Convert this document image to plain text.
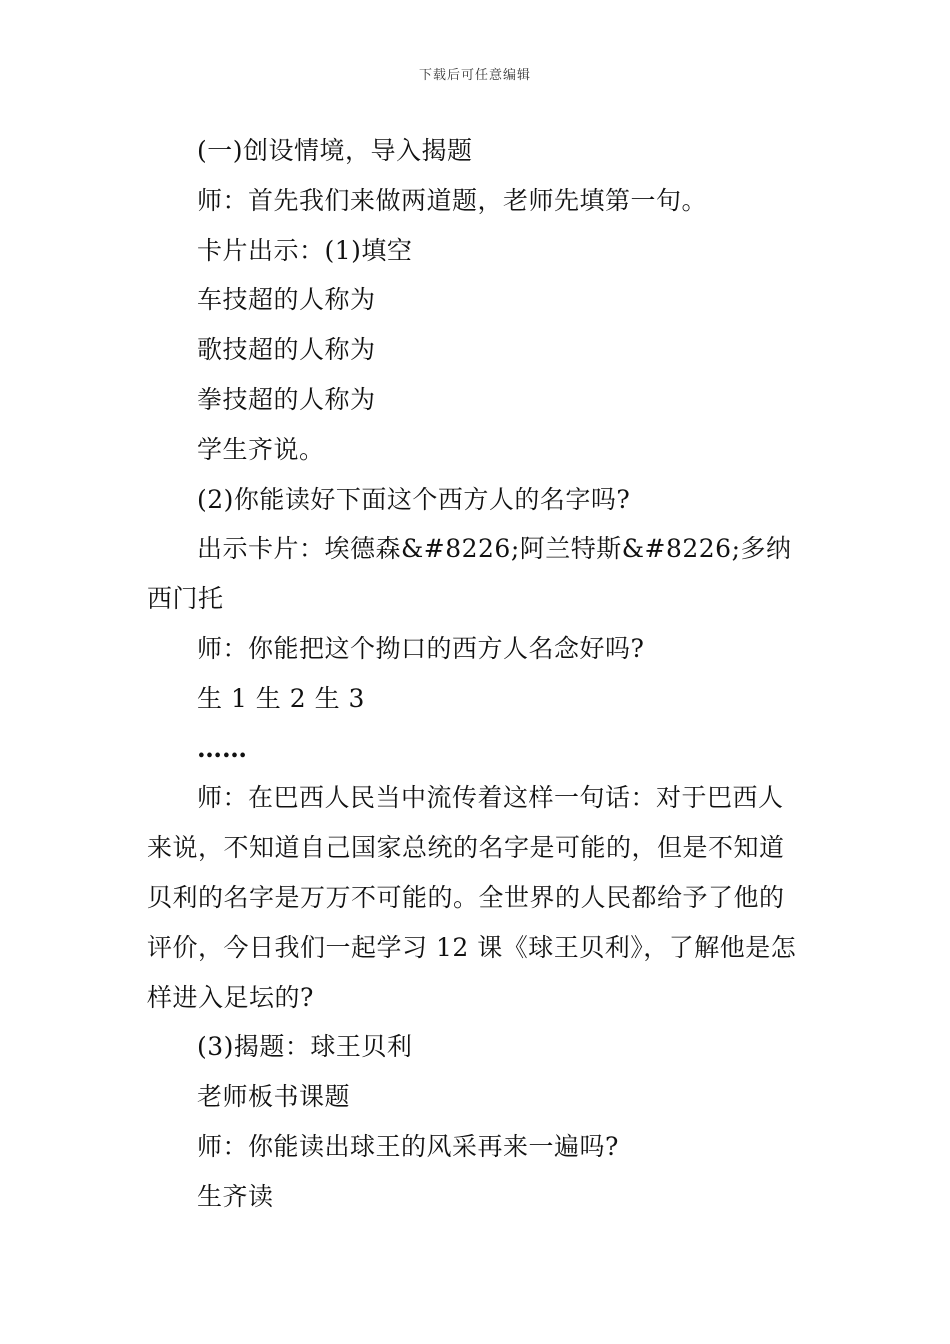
下载后可任意编辑

(一)创设情境，导入揭题

师：首先我们来做两道题，老师先填第一句。

卡片出示：(1)填空

车技超的人称为

歌技超的人称为

拳技超的人称为

学生齐说。

(2)你能读好下面这个西方人的名字吗?

出示卡片：埃德森&#8226;阿兰特斯&#8226;多纳西门托

师：你能把这个拗口的西方人名念好吗?

生 1 生 2 生 3

……

师：在巴西人民当中流传着这样一句话：对于巴西人来说，不知道自己国家总统的名字是可能的，但是不知道贝利的名字是万万不可能的。全世界的人民都给予了他的评价，今日我们一起学习 12 课《球王贝利》，了解他是怎样进入足坛的?

(3)揭题：球王贝利

老师板书课题

师：你能读出球王的风采再来一遍吗?

生齐读
